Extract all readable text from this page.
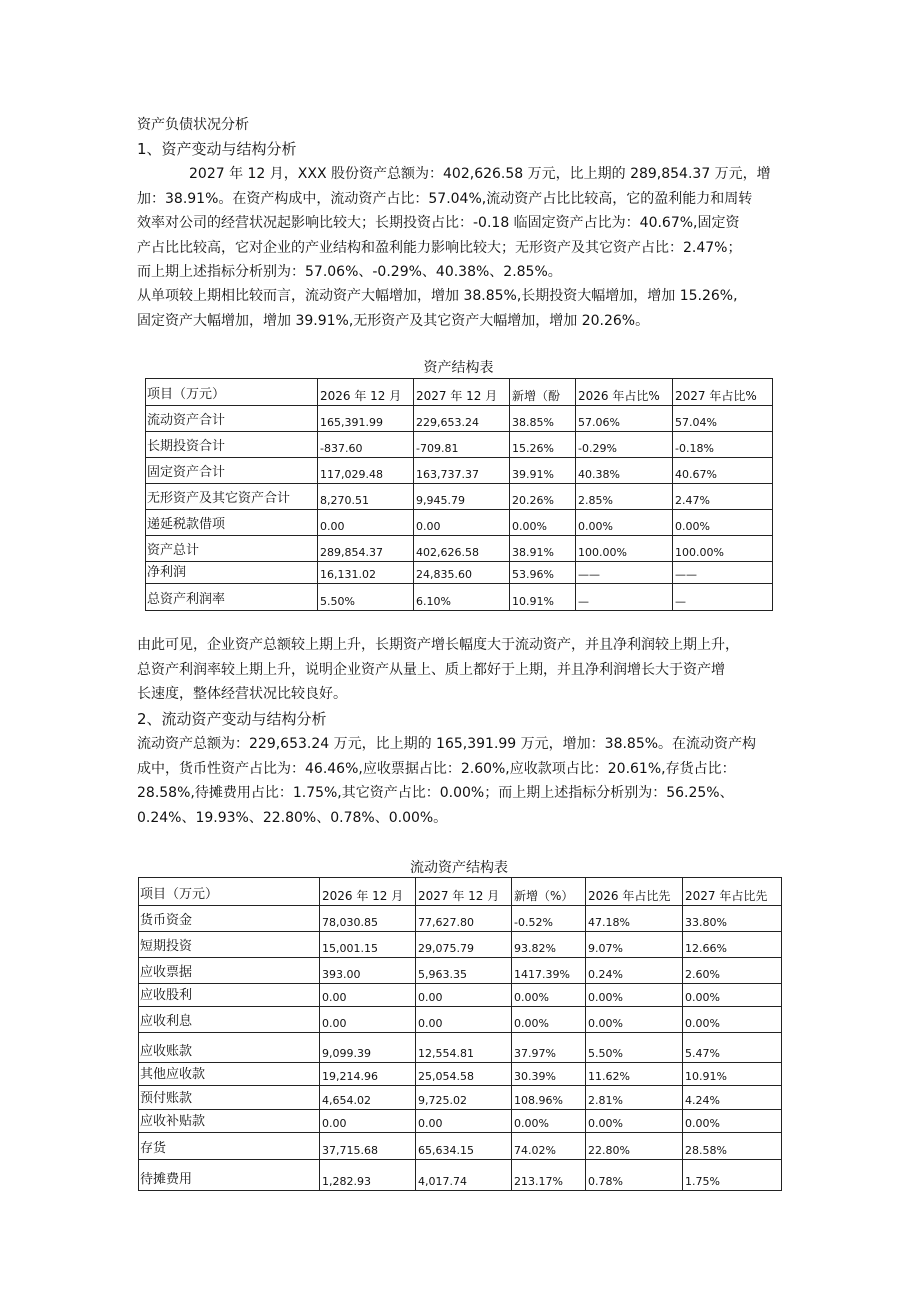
资产负债状况分析
1、资产变动与结构分析
2027 年 12 月，XXX 股份资产总额为：402,626.58 万元，比上期的 289,854.37 万元，增
加：38.91%。在资产构成中，流动资产占比：57.04%,流动资产占比比较高，它的盈利能力和周转
效率对公司的经营状况起影响比较大；长期投资占比：-0.18 临固定资产占比为：40.67%,固定资
产占比比较高，它对企业的产业结构和盈利能力影响比较大；无形资产及其它资产占比：2.47%；
而上期上述指标分析别为：57.06%、-0.29%、40.38%、2.85%。
从单项较上期相比较而言，流动资产大幅增加，增加 38.85%,长期投资大幅增加，增加 15.26%,
固定资产大幅增加，增加 39.91%,无形资产及其它资产大幅增加，增加 20.26%。
资产结构表
项目（万元）	2026 年 12 月	2027 年 12 月	新增（酚	2026 年占比%	2027 年占比%
流动资产合计	165,391.99	229,653.24	38.85%	57.06%	57.04%
长期投资合计	-837.60	-709.81	15.26%	-0.29%	-0.18%
固定资产合计	117,029.48	163,737.37	39.91%	40.38%	40.67%
无形资产及其它资产合计	8,270.51	9,945.79	20.26%	2.85%	2.47%
递延税款借项	0.00	0.00	0.00%	0.00%	0.00%
资产总计	289,854.37	402,626.58	38.91%	100.00%	100.00%
净利润	16,131.02	24,835.60	53.96%	——	——
总资产利润率	5.50%	6.10%	10.91%	—	—
由此可见，企业资产总额较上期上升，长期资产增长幅度大于流动资产，并且净利润较上期上升，
总资产利润率较上期上升，说明企业资产从量上、质上都好于上期，并且净利润增长大于资产增
长速度，整体经营状况比较良好。
2、流动资产变动与结构分析
流动资产总额为：229,653.24 万元，比上期的 165,391.99 万元，增加：38.85%。在流动资产构
成中，货币性资产占比为：46.46%,应收票据占比：2.60%,应收款项占比：20.61%,存货占比：
28.58%,待摊费用占比：1.75%,其它资产占比：0.00%；而上期上述指标分析别为：56.25%、
0.24%、19.93%、22.80%、0.78%、0.00%。
流动资产结构表
项目（万元）	2026 年 12 月	2027 年 12 月	新增（%）	2026 年占比先	2027 年占比先
货币资金	78,030.85	77,627.80	-0.52%	47.18%	33.80%
短期投资	15,001.15	29,075.79	93.82%	9.07%	12.66%
应收票据	393.00	5,963.35	1417.39%	0.24%	2.60%
应收股利	0.00	0.00	0.00%	0.00%	0.00%
应收利息	0.00	0.00	0.00%	0.00%	0.00%
应收账款	9,099.39	12,554.81	37.97%	5.50%	5.47%
其他应收款	19,214.96	25,054.58	30.39%	11.62%	10.91%
预付账款	4,654.02	9,725.02	108.96%	2.81%	4.24%
应收补贴款	0.00	0.00	0.00%	0.00%	0.00%
存货	37,715.68	65,634.15	74.02%	22.80%	28.58%
待摊费用	1,282.93	4,017.74	213.17%	0.78%	1.75%
